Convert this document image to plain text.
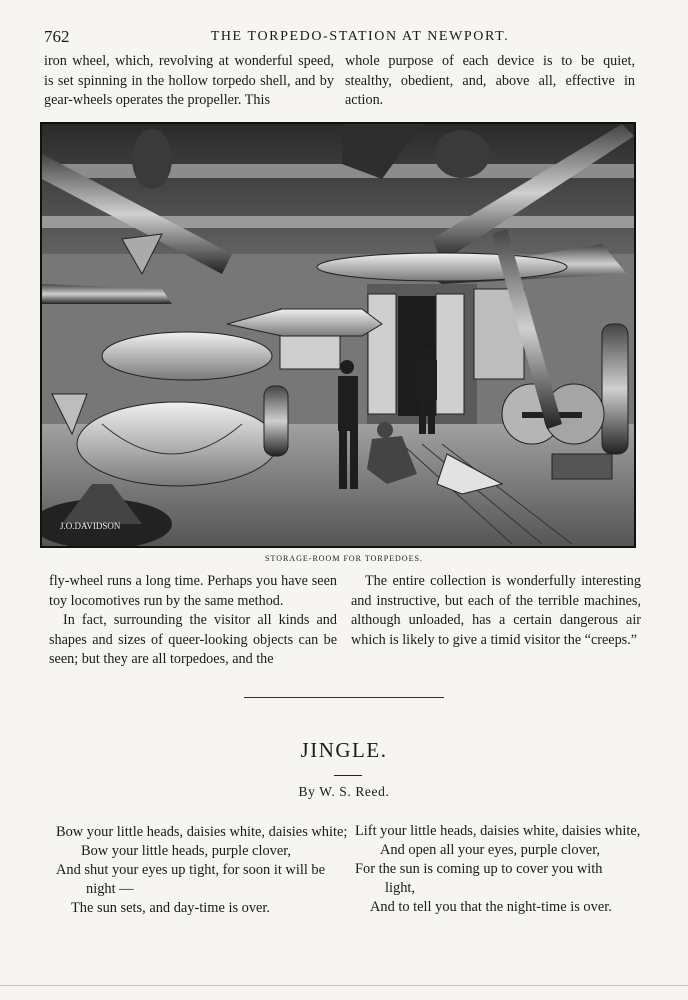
762	THE TORPEDO-STATION AT NEWPORT.

iron wheel, which, revolving at wonderful speed, is set spinning in the hollow torpedo shell, and by gear-wheels operates the propeller. This

whole purpose of each device is to be quiet, stealthy, obedient, and, above all, effective in action.

J.O.DAVIDSON
STORAGE-ROOM FOR TORPEDOES.

fly-wheel runs a long time. Perhaps you have seen toy locomotives run by the same method.

In fact, surrounding the visitor all kinds and shapes and sizes of queer-looking objects can be seen; but they are all torpedoes, and the

The entire collection is wonderfully interesting and instructive, but each of the terrible machines, although unloaded, has a certain dangerous air which is likely to give a timid visitor the “creeps.”

JINGLE.
By W. S. Reed.
Bow your little heads, daisies white, daisies white;
Bow your little heads, purple clover,
And shut your eyes up tight, for soon it will be
night —
The sun sets, and day-time is over.
Lift your little heads, daisies white, daisies white,
And open all your eyes, purple clover,
For the sun is coming up to cover you with
light,
And to tell you that the night-time is over.
